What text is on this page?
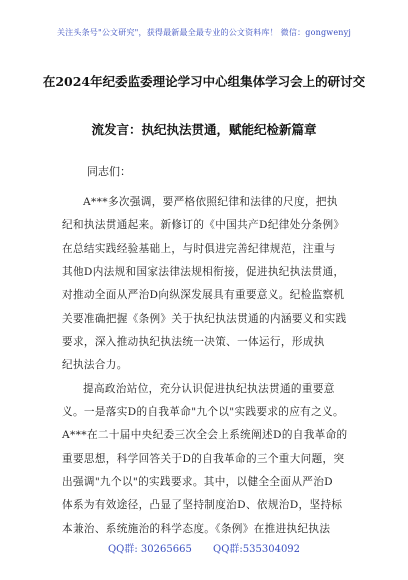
关注头条号"公文研究"，获得最新最全最专业的公文资料库！ 微信：gongwenyj
在2024年纪委监委理论学习中心组集体学习会上的研讨交
流发言：执纪执法贯通，赋能纪检新篇章
同志们：
A***多次强调，要严格依照纪律和法律的尺度，把执
纪和执法贯通起来。新修订的《中国共产D纪律处分条例》
在总结实践经验基础上，与时俱进完善纪律规范，注重与
其他D内法规和国家法律法规相衔接，促进执纪执法贯通，
对推动全面从严治D向纵深发展具有重要意义。纪检监察机
关要准确把握《条例》关于执纪执法贯通的内涵要义和实践
要求，深入推动执纪执法统一决策、一体运行，形成执
纪执法合力。
提高政治站位，充分认识促进执纪执法贯通的重要意
义。一是落实D的自我革命"九个以"实践要求的应有之义。
A***在二十届中央纪委三次全会上系统阐述D的自我革命的
重要思想，科学回答关于D的自我革命的三个重大问题，突
出强调"九个以"的实践要求。其中，以健全全面从严治D
体系为有效途径，凸显了坚持制度治D、依规治D，坚持标
本兼治、系统施治的科学态度。《条例》在推进执纪执法
QQ群: 30265665 QQ群:535304092
